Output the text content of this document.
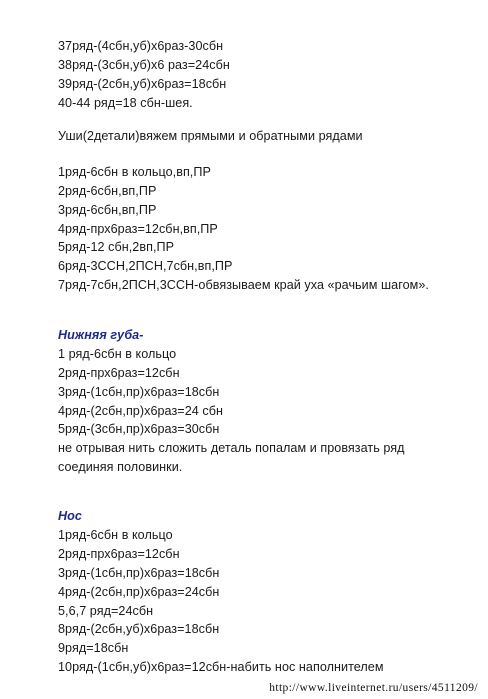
37ряд-(4сбн,уб)х6раз-30сбн
38ряд-(3сбн,уб)х6 раз=24сбн
39ряд-(2сбн,уб)х6раз=18сбн
40-44 ряд=18 сбн-шея.
Уши(2детали)вяжем прямыми и обратными рядами
1ряд-6сбн в кольцо,вп,ПР
2ряд-6сбн,вп,ПР
3ряд-6сбн,вп,ПР
4ряд-прх6раз=12сбн,вп,ПР
5ряд-12 сбн,2вп,ПР
6ряд-3ССН,2ПСН,7сбн,вп,ПР
7ряд-7сбн,2ПСН,3ССН-обвязываем край уха «рачьим шагом».
Нижняя губа-
1 ряд-6сбн в кольцо
2ряд-прх6раз=12сбн
3ряд-(1сбн,пр)х6раз=18сбн
4ряд-(2сбн,пр)х6раз=24 сбн
5ряд-(3сбн,пр)х6раз=30сбн
не отрывая нить сложить деталь попалам и провязать ряд
соединяя половинки.
Нос
1ряд-6сбн в кольцо
2ряд-прх6раз=12сбн
3ряд-(1сбн,пр)х6раз=18сбн
4ряд-(2сбн,пр)х6раз=24сбн
5,6,7 ряд=24сбн
8ряд-(2сбн,уб)х6раз=18сбн
9ряд=18сбн
10ряд-(1сбн,уб)х6раз=12сбн-набить нос наполнителем
http://www.liveinternet.ru/users/4511209/
